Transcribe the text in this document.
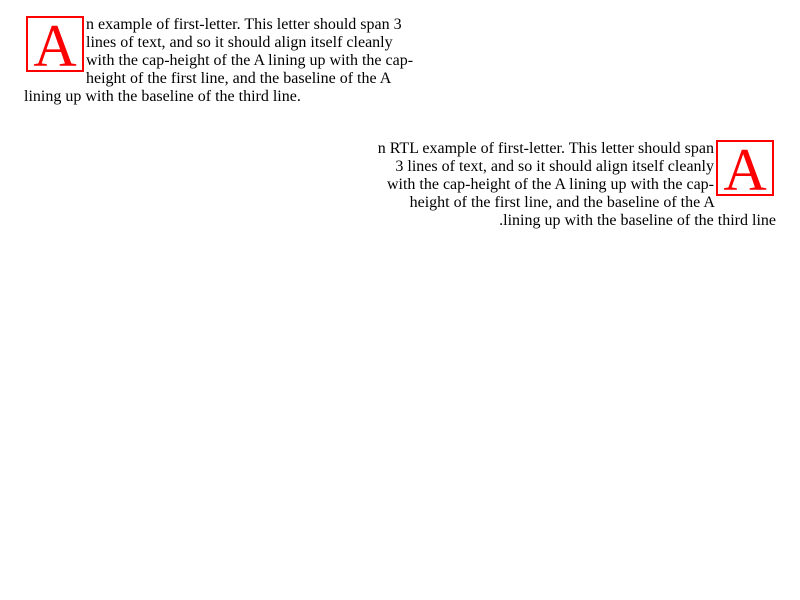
A n example of first-letter. This letter should span 3 lines of text, and so it should align itself cleanly with the cap-height of the A lining up with the cap-height of the first line, and the baseline of the A lining up with the baseline of the third line.

A
n RTL example of first-letter. This letter should span 3 lines of text, and so it should align itself cleanly with the cap-height of the A lining up with the cap-height of the first line, and the baseline of the A lining up with the baseline of the third line.
